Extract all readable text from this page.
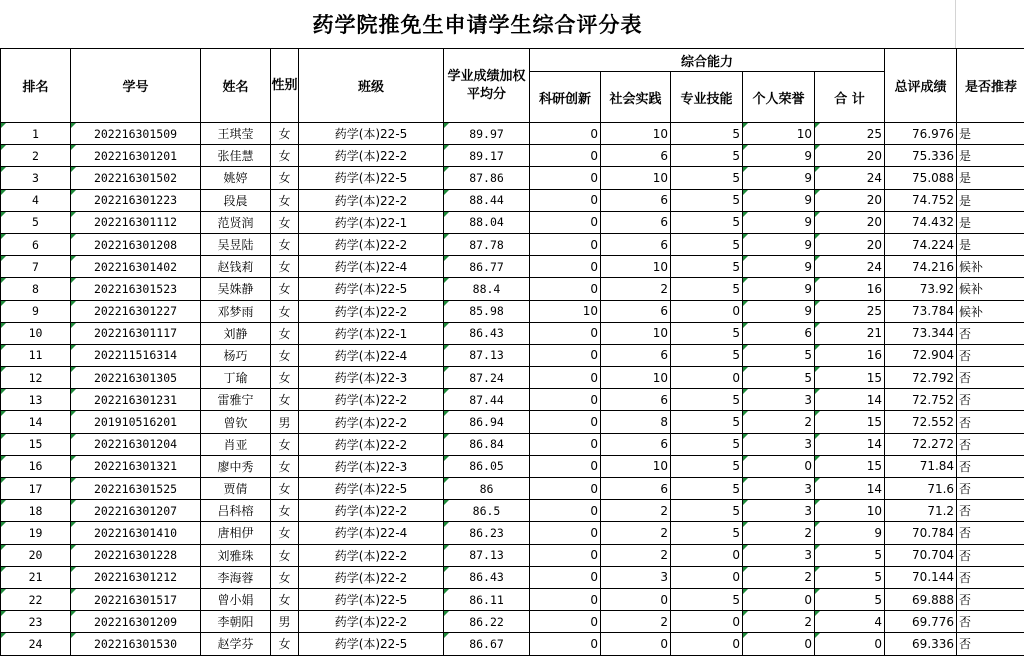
药学院推免生申请学生综合评分表
排名	学号	姓名	性别	班级	学业成绩加权平均分	综合能力					总评成绩	是否推荐
						科研创新	社会实践	专业技能	个人荣誉	合 计		
1	202216301509	王琪莹	女	药学(本)22-5	89.97	0	10	5	10	25	76.976	是
2	202216301201	张佳慧	女	药学(本)22-2	89.17	0	6	5	9	20	75.336	是
3	202216301502	姚婷	女	药学(本)22-5	87.86	0	10	5	9	24	75.088	是
4	202216301223	段晨	女	药学(本)22-2	88.44	0	6	5	9	20	74.752	是
5	202216301112	范贤润	女	药学(本)22-1	88.04	0	6	5	9	20	74.432	是
6	202216301208	吴昱陆	女	药学(本)22-2	87.78	0	6	5	9	20	74.224	是
7	202216301402	赵钱莉	女	药学(本)22-4	86.77	0	10	5	9	24	74.216	候补
8	202216301523	吴姝静	女	药学(本)22-5	88.4	0	2	5	9	16	73.92	候补
9	202216301227	邓梦雨	女	药学(本)22-2	85.98	10	6	0	9	25	73.784	候补
10	202216301117	刘静	女	药学(本)22-1	86.43	0	10	5	6	21	73.344	否
11	202211516314	杨巧	女	药学(本)22-4	87.13	0	6	5	5	16	72.904	否
12	202216301305	丁瑜	女	药学(本)22-3	87.24	0	10	0	5	15	72.792	否
13	202216301231	雷雅宁	女	药学(本)22-2	87.44	0	6	5	3	14	72.752	否
14	201910516201	曾钦	男	药学(本)22-2	86.94	0	8	5	2	15	72.552	否
15	202216301204	肖亚	女	药学(本)22-2	86.84	0	6	5	3	14	72.272	否
16	202216301321	廖中秀	女	药学(本)22-3	86.05	0	10	5	0	15	71.84	否
17	202216301525	贾倩	女	药学(本)22-5	86	0	6	5	3	14	71.6	否
18	202216301207	吕科榕	女	药学(本)22-2	86.5	0	2	5	3	10	71.2	否
19	202216301410	唐相伊	女	药学(本)22-4	86.23	0	2	5	2	9	70.784	否
20	202216301228	刘雅珠	女	药学(本)22-2	87.13	0	2	0	3	5	70.704	否
21	202216301212	李海蓉	女	药学(本)22-2	86.43	0	3	0	2	5	70.144	否
22	202216301517	曾小娟	女	药学(本)22-5	86.11	0	0	5	0	5	69.888	否
23	202216301209	李朝阳	男	药学(本)22-2	86.22	0	2	0	2	4	69.776	否
24	202216301530	赵学芬	女	药学(本)22-5	86.67	0	0	0	0	0	69.336	否
